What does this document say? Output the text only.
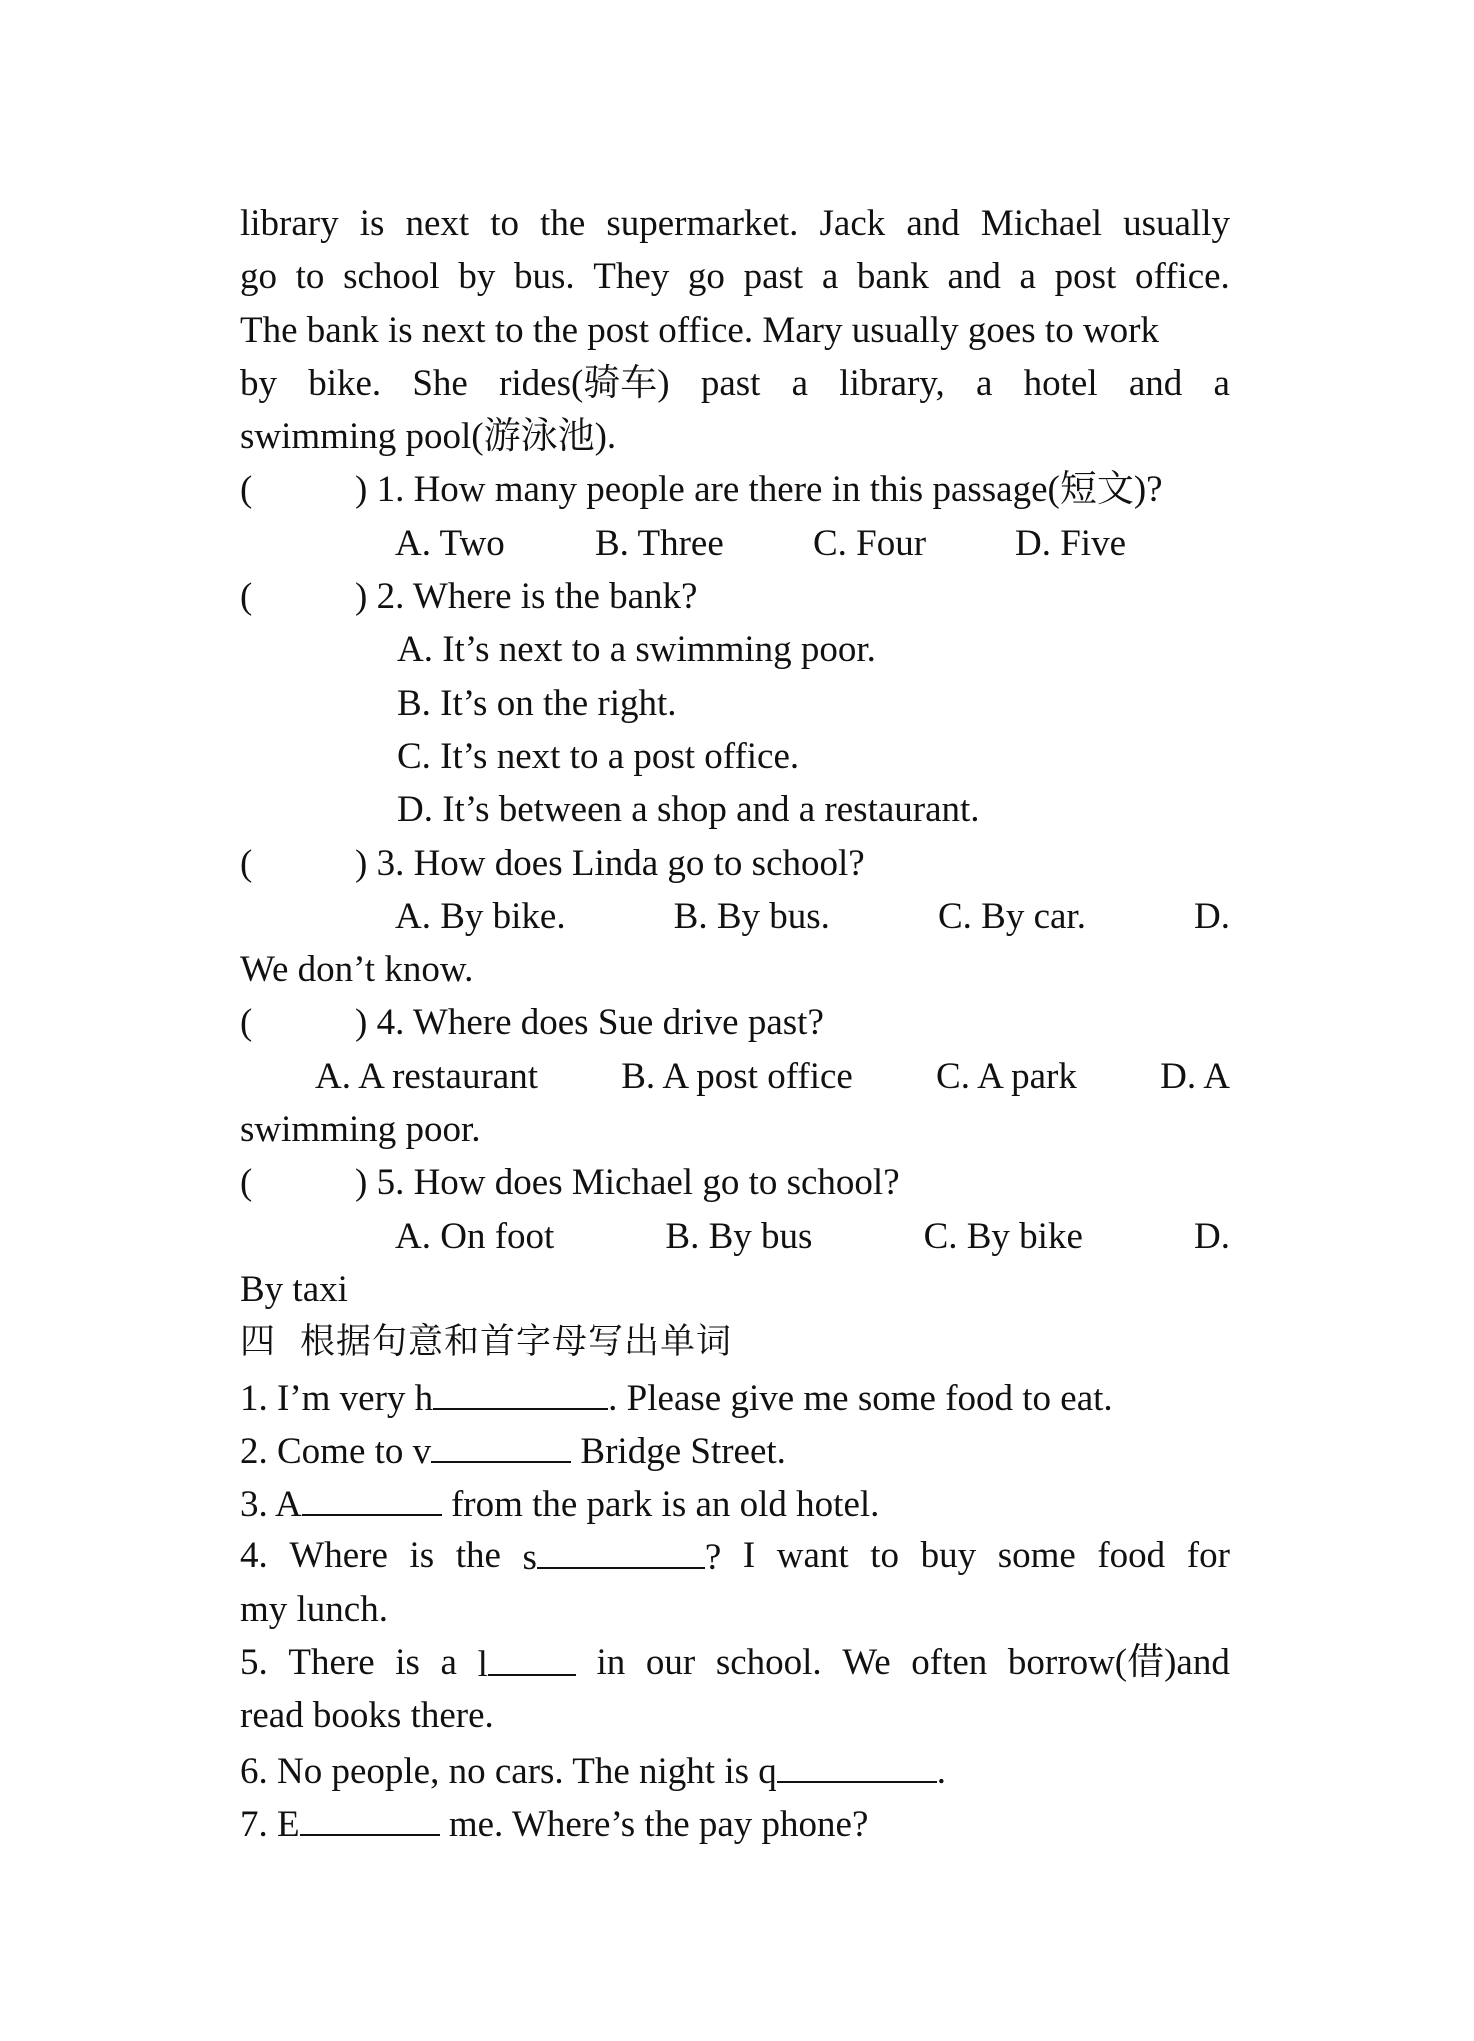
library is next to the supermarket. Jack and Michael usually
go to school by bus. They go past a bank and a post office.
The bank is next to the post office. Mary usually goes to work
by bike. She rides(骑车) past a library, a hotel and a
swimming pool(游泳池).
(	) 1. How many people are there in this passage(短文)?
A. Two	B. Three	C. Four	D. Five
(	) 2. Where is the bank?
A. It’s next to a swimming poor.
B. It’s on the right.
C. It’s next to a post office.
D. It’s between a shop and a restaurant.
(	) 3. How does Linda go to school?
A. By bike.	B. By bus.	C. By car.	D.
We don’t know.
(	) 4. Where does Sue drive past?
A. A restaurant B. A post office C. A park D. A
swimming poor.
(	) 5. How does Michael go to school?
A. On foot	B. By bus	C. By bike	D.
By taxi
四 根据句意和首字母写出单词
1. I’m very h	. Please give me some food to eat.
2. Come to v	Bridge Street.
3. A	from the park is an old hotel.
4. Where is the s	? I want to buy some food for
my lunch.
5. There is a l	in our school. We often borrow(借)and
read books there.
6. No people, no cars. The night is q	.
7. E	me. Where’s the pay phone?
